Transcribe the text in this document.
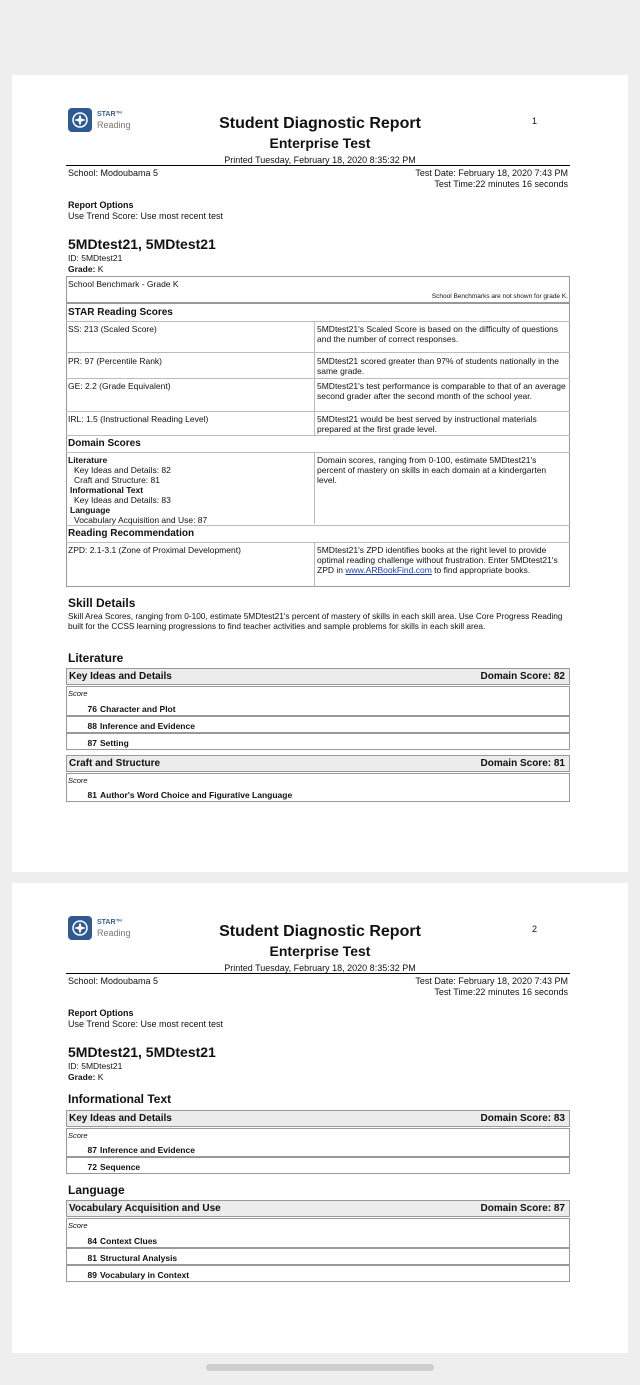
STAR™
Reading	Student Diagnostic Report
Enterprise Test
Printed Tuesday, February 18, 2020 8:35:32 PM
1
School: Modoubama 5	Test Date: February 18, 2020 7:43 PM
Test Time:22 minutes 16 seconds
Report Options
Use Trend Score: Use most recent test
5MDtest21, 5MDtest21
ID: 5MDtest21
Grade: K
School Benchmark - Grade K
School Benchmarks are not shown for grade K.
STAR Reading Scores
SS: 213 (Scaled Score)	5MDtest21's Scaled Score is based on the difficulty of questions and the number of correct responses.
PR: 97 (Percentile Rank)	5MDtest21 scored greater than 97% of students nationally in the same grade.
GE: 2.2 (Grade Equivalent)	5MDtest21's test performance is comparable to that of an average second grader after the second month of the school year.
IRL: 1.5 (Instructional Reading Level)	5MDtest21 would be best served by instructional materials prepared at the first grade level.
Domain Scores
Literature
Key Ideas and Details: 82
Craft and Structure: 81
Informational Text
Key Ideas and Details: 83
Language
Vocabulary Acquisition and Use: 87
Domain scores, ranging from 0-100, estimate 5MDtest21's percent of mastery on skills in each domain at a kindergarten level.
Reading Recommendation
ZPD: 2.1-3.1 (Zone of Proximal Development)	5MDtest21's ZPD identifies books at the right level to provide optimal reading challenge without frustration. Enter 5MDtest21's ZPD in www.ARBookFind.com to find appropriate books.
Skill Details
Skill Area Scores, ranging from 0-100, estimate 5MDtest21's percent of mastery of skills in each skill area. Use Core Progress Reading built for the CCSS learning progressions to find teacher activities and sample problems for skills in each skill area.
Literature
Key Ideas and Details	Domain Score: 82
Score
76 Character and Plot
88 Inference and Evidence
87 Setting
Craft and Structure	Domain Score: 81
Score
81 Author's Word Choice and Figurative Language
STAR™
Reading	Student Diagnostic Report
Enterprise Test
Printed Tuesday, February 18, 2020 8:35:32 PM
2
School: Modoubama 5	Test Date: February 18, 2020 7:43 PM
Test Time:22 minutes 16 seconds
Report Options
Use Trend Score: Use most recent test
5MDtest21, 5MDtest21
ID: 5MDtest21
Grade: K
Informational Text
Key Ideas and Details	Domain Score: 83
Score
87 Inference and Evidence
72 Sequence
Language
Vocabulary Acquisition and Use	Domain Score: 87
Score
84 Context Clues
81 Structural Analysis
89 Vocabulary in Context
